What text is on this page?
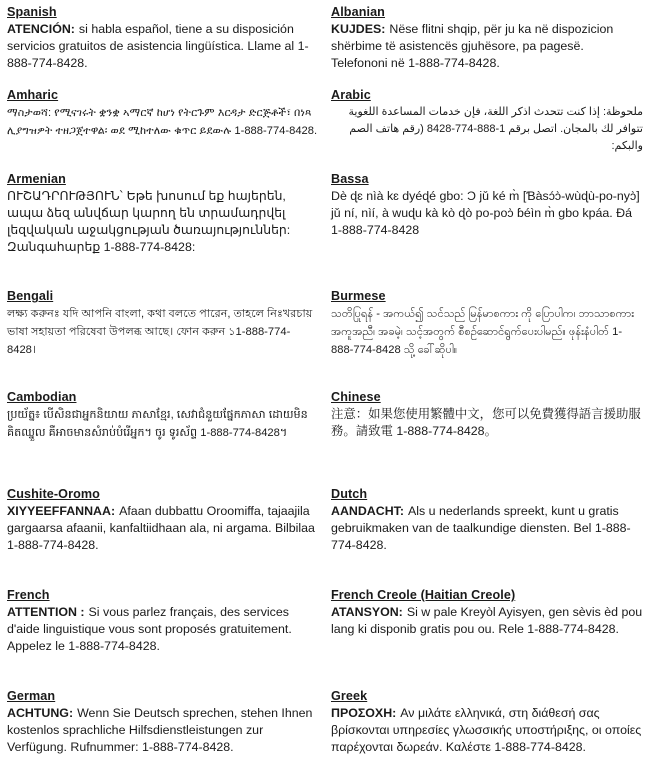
Spanish
ATENCIÓN: si habla español, tiene a su disposición servicios gratuitos de asistencia lingüística. Llame al 1-888-774-8428.
Albanian
KUJDES: Nëse flitni shqip, për ju ka në dispozicion shërbime të asistencës gjuhësore, pa pagesë. Telefononi në 1-888-774-8428.
Amharic
ማስታወሻ: የሚናገሩት ቋንቋ ኣማርኛ ከሆነ የትርጉም እርዳታ ድርጅቶች፣ በነጻ ሊያግዝዎት ተዘጋጀተዋል፡ ወደ ሚከተለው ቁጥር ይደውሉ 1-888-774-8428.
Arabic
ملحوظة: إذا كنت تتحدث اذكر اللغة، فإن خدمات المساعدة اللغوية تتوافر لك بالمجان. اتصل برقم 1-888-774-8428 (رقم هاتف الصم والبكم:
Armenian
ՈՒՇԱԴՐՈՒԹՅՈՒՆ՝ Եթե խոսում եք հայերեն, ապա ձեզ անվճար կարող են տրամադրվել լեզվական աջակցության ծառայություններ: Զանգահարեք 1-888-774-8428:
Bassa
Dè ɖɛ nìà kɛ dyéɖé gbo: Ɔ jǔ ké m̀ [Ɓàsɔ́ɔ̀-wùɖù-po-nyɔ̀] jǔ ní, nìí, à wuɖu kà kò ɖò po-poɔ̀ ɓéìn m̀ gbo kpáa. Ɖá 1-888-774-8428
Bengali
লক্ষ্য করুনঃ যদি আপনি বাংলা, কথা বলতে পারেন, তাহলে নিঃখরচায় ভাষা সহায়তা পরিষেবা উপলব্ধ আছে। ফোন করুন ১1-888-774-8428।
Burmese
သတိပြုရန် - အကယ်၍ သင်သည် မြန်မာစကား ကို ပြောပါက၊ ဘာသာစကား အကူအညီ၊ အခမဲ့၊ သင့်အတွက် စီစဉ်ဆောင်ရွက်ပေးပါမည်။ ဖုန်းနံပါတ် 1-888-774-8428 သို့ ခေါ်ဆိုပါ။
Cambodian
ប្រយ័ត្ន៖ បើសិនជាអ្នកនិយាយ ភាសាខ្មែរ, សេវាជំនួយផ្នែកភាសា ដោយមិនគិតឈ្នួល គឺអាចមានសំរាប់បំរើអ្នក។ ចូរ ទូរស័ព្ទ 1-888-774-8428។
Chinese
注意：如果您使用繁體中文，您可以免費獲得語言援助服務。請致電 1-888-774-8428。
Cushite-Oromo
XIYYEEFFANNAA: Afaan dubbattu Oroomiffa, tajaajila gargaarsa afaanii, kanfaltiidhaan ala, ni argama. Bilbilaa 1-888-774-8428.
Dutch
AANDACHT: Als u nederlands spreekt, kunt u gratis gebruikmaken van de taalkundige diensten. Bel 1-888-774-8428.
French
ATTENTION : Si vous parlez français, des services d'aide linguistique vous sont proposés gratuitement. Appelez le 1-888-774-8428.
French Creole (Haitian Creole)
ATANSYON: Si w pale Kreyòl Ayisyen, gen sèvis èd pou lang ki disponib gratis pou ou. Rele 1-888-774-8428.
German
ACHTUNG: Wenn Sie Deutsch sprechen, stehen Ihnen kostenlos sprachliche Hilfsdienstleistungen zur Verfügung. Rufnummer: 1-888-774-8428.
Greek
ΠΡΟΣΟΧΗ: Αν μιλάτε ελληνικά, στη διάθεσή σας βρίσκονται υπηρεσίες γλωσσικής υποστήριξης, οι οποίες παρέχονται δωρεάν. Καλέστε 1-888-774-8428.
